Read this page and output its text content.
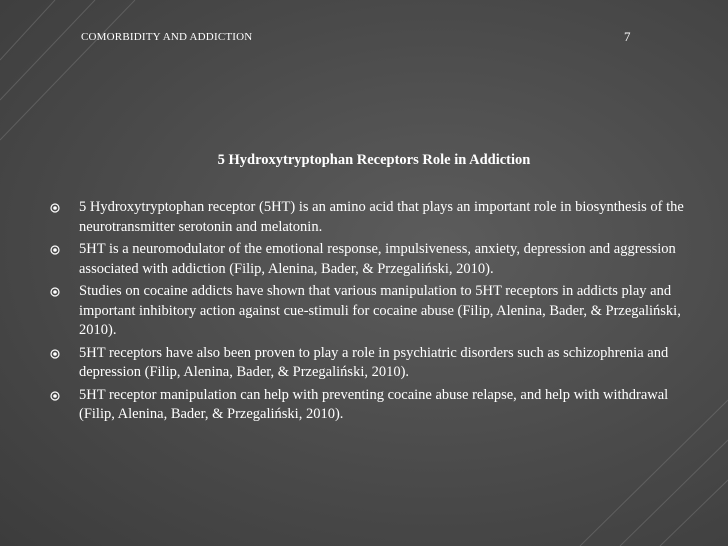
COMORBIDITY AND ADDICTION	7
5 Hydroxytryptophan Receptors Role in Addiction
5 Hydroxytryptophan receptor (5HT) is an amino acid that plays an important role in biosynthesis of the neurotransmitter serotonin and melatonin.
5HT is a neuromodulator of the emotional response, impulsiveness, anxiety, depression and aggression associated with addiction (Filip, Alenina, Bader, & Przegaliński, 2010).
Studies on cocaine addicts have shown that various manipulation to 5HT receptors in addicts play and important inhibitory action against cue-stimuli for cocaine abuse (Filip, Alenina, Bader, & Przegaliński, 2010).
5HT receptors have also been proven to play a role in psychiatric disorders such as schizophrenia and depression (Filip, Alenina, Bader, & Przegaliński, 2010).
5HT receptor manipulation can help with preventing cocaine abuse relapse, and help with withdrawal (Filip, Alenina, Bader, & Przegaliński, 2010).
